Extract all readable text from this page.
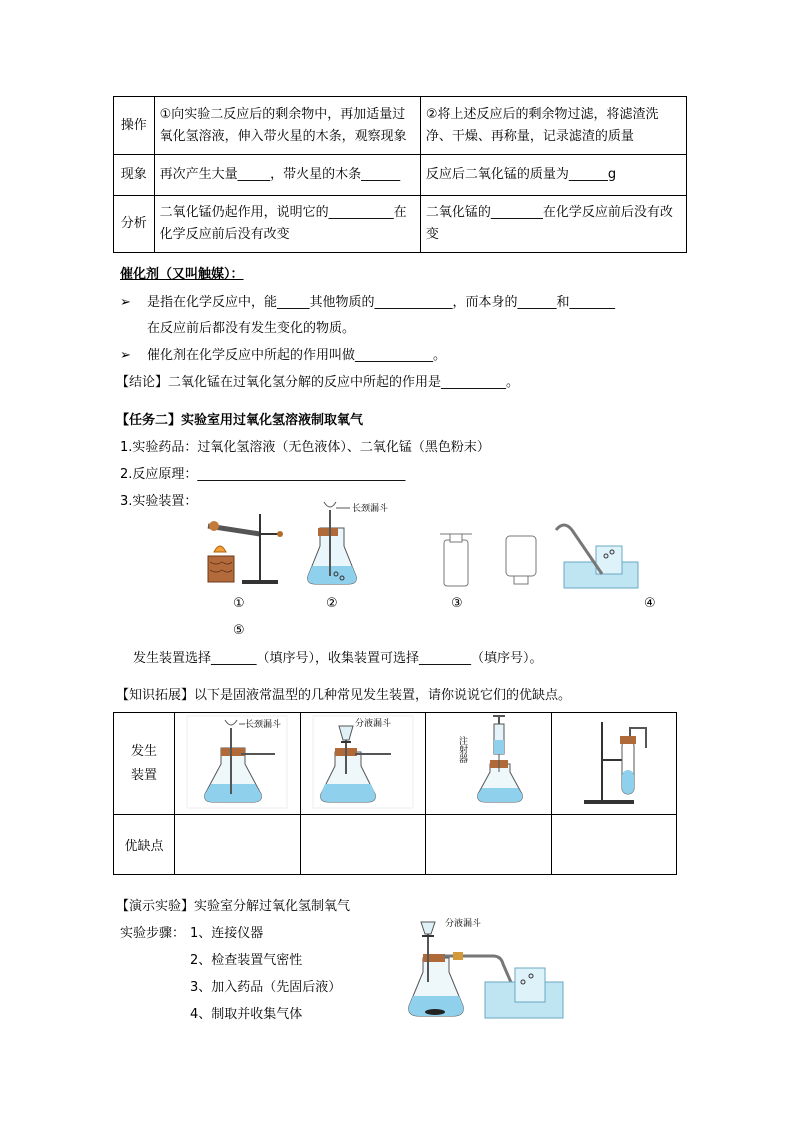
操作	①向实验二反应后的剩余物中，再加适量过氧化氢溶液，伸入带火星的木条，观察现象	②将上述反应后的剩余物过滤，将滤渣洗净、干燥、再称量，记录滤渣的质量
现象	再次产生大量_____，带火星的木条______	反应后二氧化锰的质量为______g
分析	二氧化锰仍起作用，说明它的__________在化学反应前后没有改变	二氧化锰的________在化学反应前后没有改变
催化剂（又叫触媒）：
➢ 是指在化学反应中，能_____其他物质的____________，而本身的______和_______
在反应前后都没有发生变化的物质。
➢ 催化剂在化学反应中所起的作用叫做____________。
【结论】二氧化锰在过氧化氢分解的反应中所起的作用是__________。
【任务二】实验室用过氧化氢溶液制取氧气
1.实验药品：过氧化氢溶液（无色液体）、二氧化锰（黑色粉末）
2.反应原理：________________________________
3.实验装置：	长颈漏斗
①	②	③	④
⑤
发生装置选择_______（填序号），收集装置可选择________（填序号）。
【知识拓展】以下是固液常温型的几种常见发生装置，请你说说它们的优缺点。
发生装置	长颈漏斗	分液漏斗	注射器

优缺点				
【演示实验】实验室分解过氧化氢制氧气
实验步骤： 1、连接仪器
2、检查装置气密性
3、加入药品（先固后液）
4、制取并收集气体
分液漏斗
